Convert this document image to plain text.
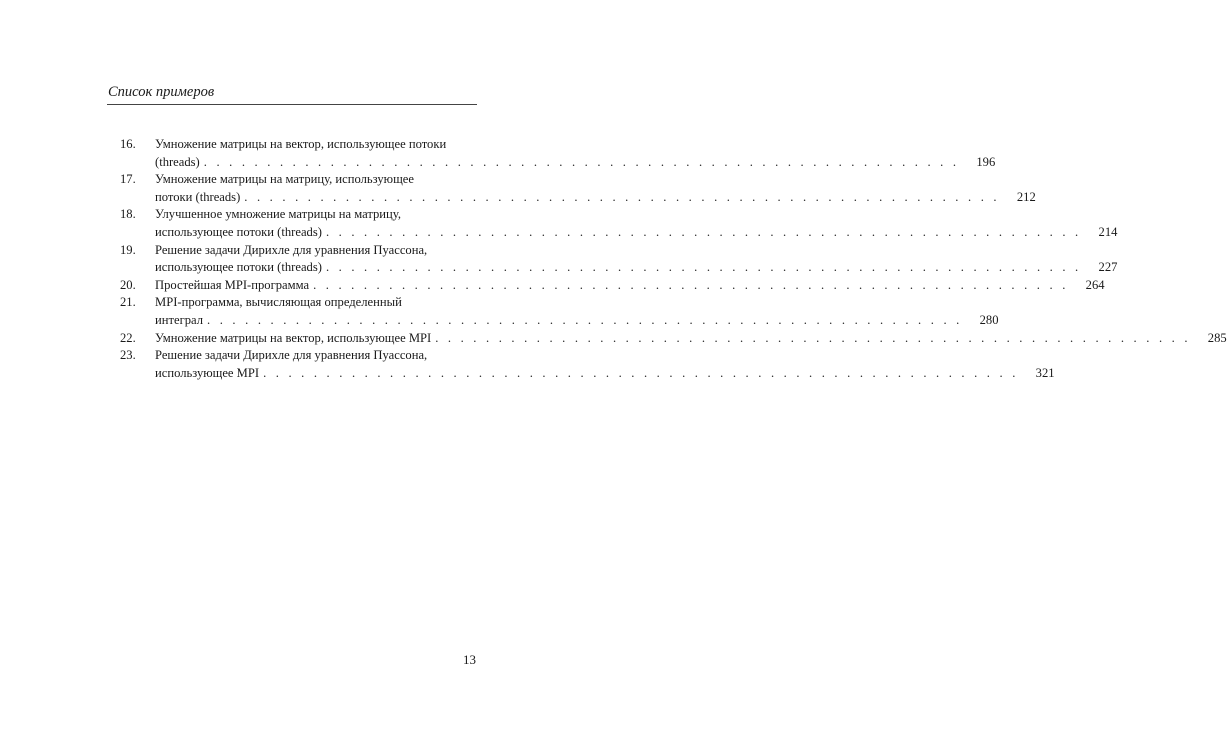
Список примеров
16.	Умножение матрицы на вектор, использующее потоки
(threads) . . . . . . . . . . . . . . . . . . . . . . . . . . . . . . . . . . . . . . . . . . . . . . . . . . . . . . . . . . . .	196
17.	Умножение матрицы на матрицу, использующее
потоки (threads) . . . . . . . . . . . . . . . . . . . . . . . . . . . . . . . . . . . . . . . . . . . . . . . . . . . . . . . . . . . .	212
18.	Улучшенное умножение матрицы на матрицу,
использующее потоки (threads) . . . . . . . . . . . . . . . . . . . . . . . . . . . . . . . . . . . . . . . . . . . . . . . . . . . . . . . . . . . .	214
19.	Решение задачи Дирихле для уравнения Пуассона,
использующее потоки (threads) . . . . . . . . . . . . . . . . . . . . . . . . . . . . . . . . . . . . . . . . . . . . . . . . . . . . . . . . . . . .	227
20. Простейшая MPI-программа . . . . . . . . . . . . . . . . . . . . . . . . . . . . . . . . . . . . . . . . . . . . . . . . . . . . . . . . . . . .	264
21.	MPI-программа, вычисляющая определенный
интеграл . . . . . . . . . . . . . . . . . . . . . . . . . . . . . . . . . . . . . . . . . . . . . . . . . . . . . . . . . . . .	280
22. Умножение матрицы на вектор, использующее MPI . . . . . . . . . . . . . . . . . . . . . . . . . . . . . . . . . . . . . . . . . . . . . . . . . . . . . . . . . . . .	285
23.	Решение задачи Дирихле для уравнения Пуассона,
использующее MPI . . . . . . . . . . . . . . . . . . . . . . . . . . . . . . . . . . . . . . . . . . . . . . . . . . . . . . . . . . . .	321
13
